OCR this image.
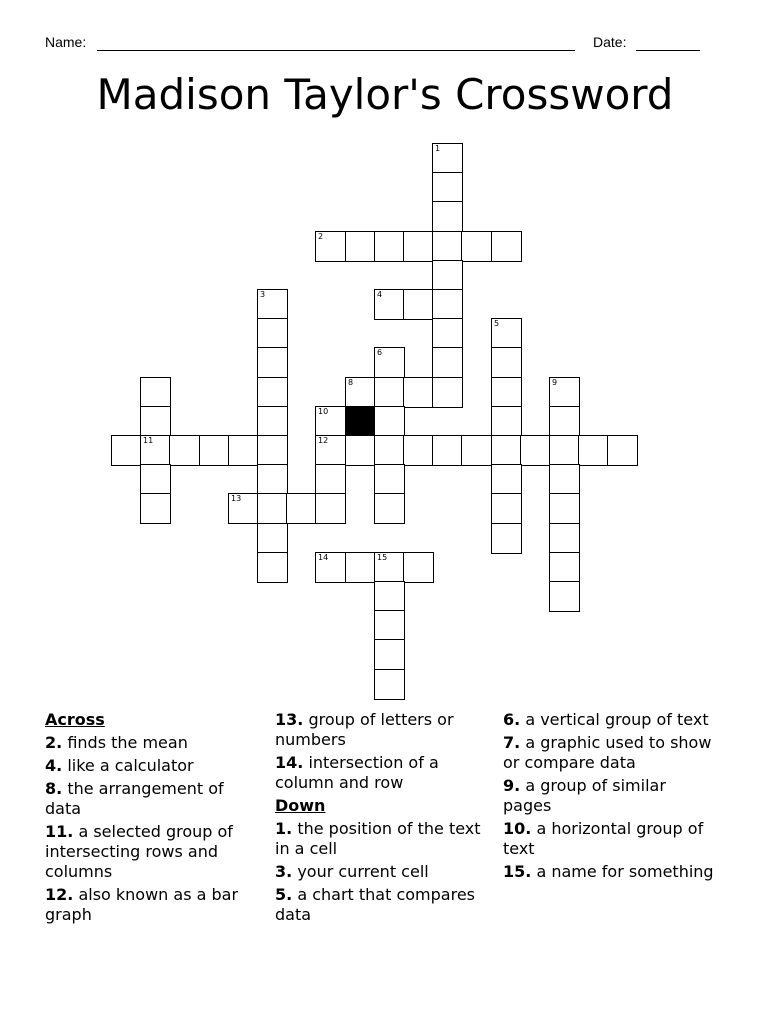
Name:	Date:
Madison Taylor's Crossword
1
2
3	4
5
6
8	9
10
11	12
13
14	15
Across
2. finds the mean
4. like a calculator
8. the arrangement of data
11. a selected group of intersecting rows and columns
12. also known as a bar graph
13. group of letters or numbers
14. intersection of a column and row
Down
1. the position of the text in a cell
3. your current cell
5. a chart that compares data
6. a vertical group of text
7. a graphic used to show or compare data
9. a group of similar pages
10. a horizontal group of text
15. a name for something
